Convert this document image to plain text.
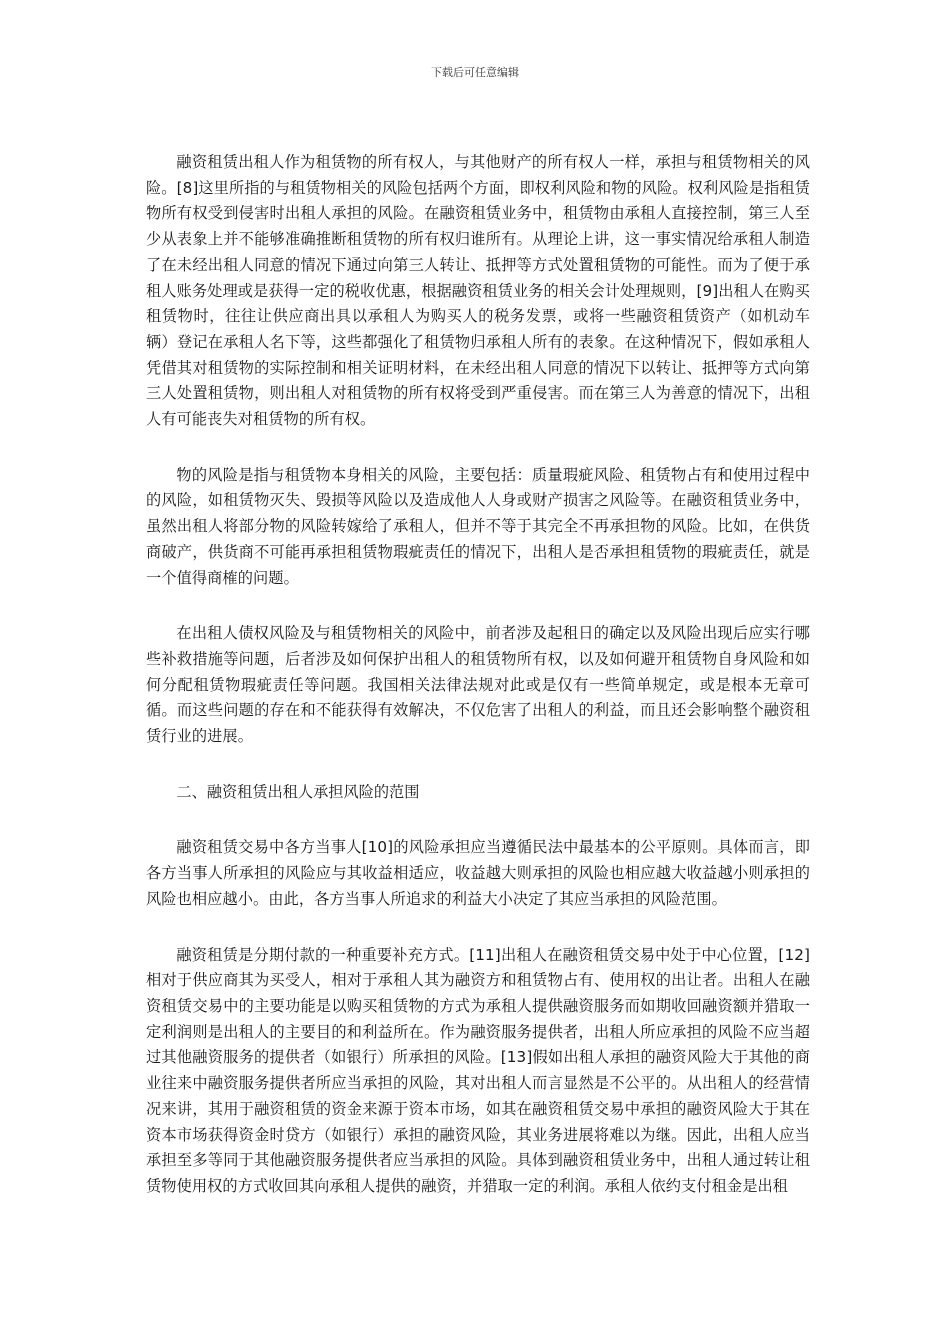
下载后可任意编辑

融资租赁出租人作为租赁物的所有权人，与其他财产的所有权人一样，承担与租赁物相关的风险。[8]这里所指的与租赁物相关的风险包括两个方面，即权利风险和物的风险。权利风险是指租赁物所有权受到侵害时出租人承担的风险。在融资租赁业务中，租赁物由承租人直接控制，第三人至少从表象上并不能够准确推断租赁物的所有权归谁所有。从理论上讲，这一事实情况给承租人制造了在未经出租人同意的情况下通过向第三人转让、抵押等方式处置租赁物的可能性。而为了便于承租人账务处理或是获得一定的税收优惠，根据融资租赁业务的相关会计处理规则，[9]出租人在购买租赁物时，往往让供应商出具以承租人为购买人的税务发票，或将一些融资租赁资产（如机动车辆）登记在承租人名下等，这些都强化了租赁物归承租人所有的表象。在这种情况下，假如承租人凭借其对租赁物的实际控制和相关证明材料，在未经出租人同意的情况下以转让、抵押等方式向第三人处置租赁物，则出租人对租赁物的所有权将受到严重侵害。而在第三人为善意的情况下，出租人有可能丧失对租赁物的所有权。

物的风险是指与租赁物本身相关的风险，主要包括：质量瑕疵风险、租赁物占有和使用过程中的风险，如租赁物灭失、毁损等风险以及造成他人人身或财产损害之风险等。在融资租赁业务中，虽然出租人将部分物的风险转嫁给了承租人，但并不等于其完全不再承担物的风险。比如，在供货商破产，供货商不可能再承担租赁物瑕疵责任的情况下，出租人是否承担租赁物的瑕疵责任，就是一个值得商榷的问题。

在出租人债权风险及与租赁物相关的风险中，前者涉及起租日的确定以及风险出现后应实行哪些补救措施等问题，后者涉及如何保护出租人的租赁物所有权，以及如何避开租赁物自身风险和如何分配租赁物瑕疵责任等问题。我国相关法律法规对此或是仅有一些简单规定，或是根本无章可循。而这些问题的存在和不能获得有效解决，不仅危害了出租人的利益，而且还会影响整个融资租赁行业的进展。

二、融资租赁出租人承担风险的范围

融资租赁交易中各方当事人[10]的风险承担应当遵循民法中最基本的公平原则。具体而言，即各方当事人所承担的风险应与其收益相适应，收益越大则承担的风险也相应越大收益越小则承担的风险也相应越小。由此，各方当事人所追求的利益大小决定了其应当承担的风险范围。

融资租赁是分期付款的一种重要补充方式。[11]出租人在融资租赁交易中处于中心位置，[12]相对于供应商其为买受人，相对于承租人其为融资方和租赁物占有、使用权的出让者。出租人在融资租赁交易中的主要功能是以购买租赁物的方式为承租人提供融资服务而如期收回融资额并猎取一定利润则是出租人的主要目的和利益所在。作为融资服务提供者，出租人所应承担的风险不应当超过其他融资服务的提供者（如银行）所承担的风险。[13]假如出租人承担的融资风险大于其他的商业往来中融资服务提供者所应当承担的风险，其对出租人而言显然是不公平的。从出租人的经营情况来讲，其用于融资租赁的资金来源于资本市场，如其在融资租赁交易中承担的融资风险大于其在资本市场获得资金时贷方（如银行）承担的融资风险，其业务进展将难以为继。因此，出租人应当承担至多等同于其他融资服务提供者应当承担的风险。具体到融资租赁业务中，出租人通过转让租赁物使用权的方式收回其向承租人提供的融资，并猎取一定的利润。承租人依约支付租金是出租
